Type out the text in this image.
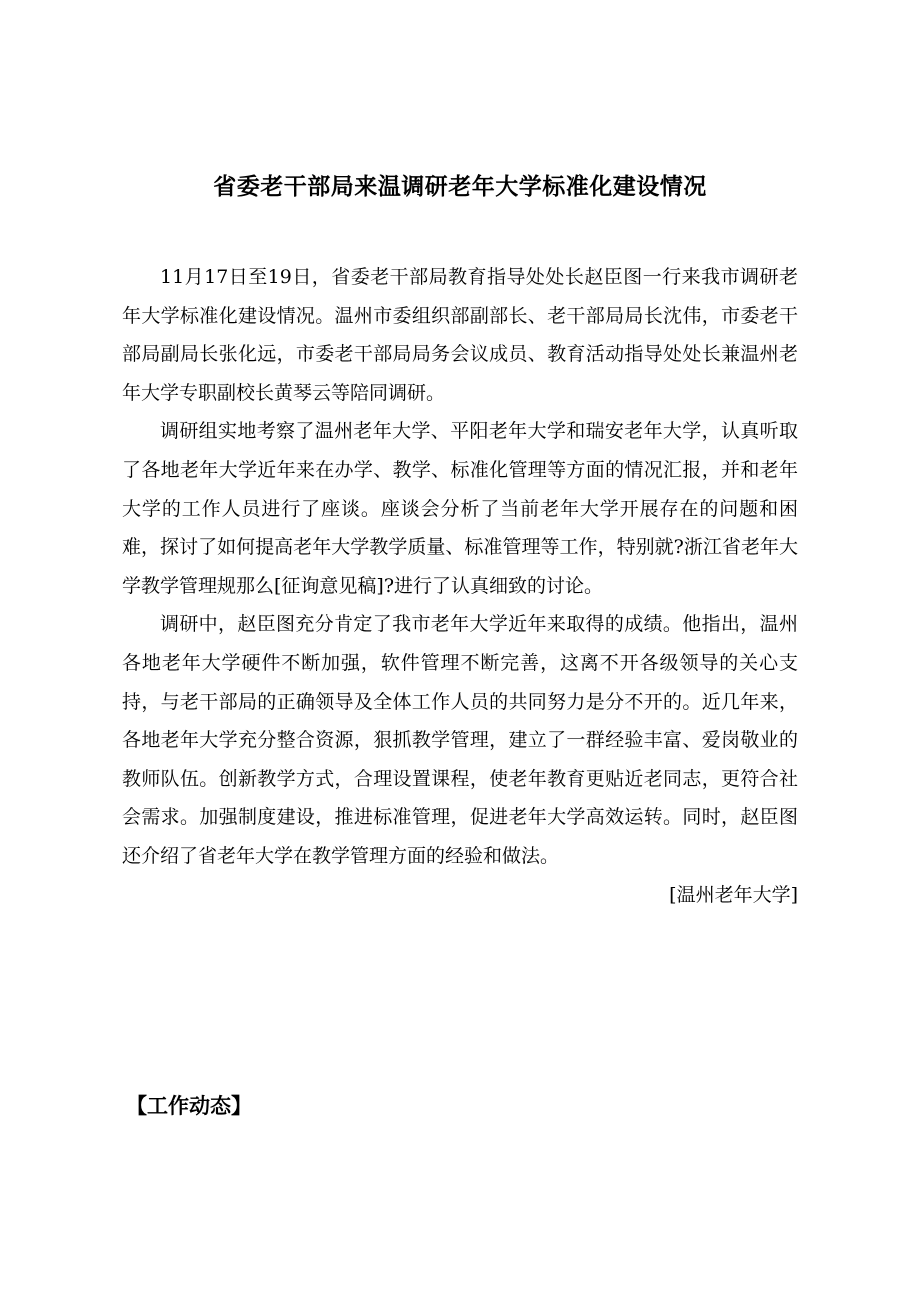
省委老干部局来温调研老年大学标准化建设情况

11月17日至19日，省委老干部局教育指导处处长赵臣图一行来我市调研老年大学标准化建设情况。温州市委组织部副部长、老干部局局长沈伟，市委老干部局副局长张化远，市委老干部局局务会议成员、教育活动指导处处长兼温州老年大学专职副校长黄琴云等陪同调研。

调研组实地考察了温州老年大学、平阳老年大学和瑞安老年大学，认真听取了各地老年大学近年来在办学、教学、标准化管理等方面的情况汇报，并和老年大学的工作人员进行了座谈。座谈会分析了当前老年大学开展存在的问题和困难，探讨了如何提高老年大学教学质量、标准管理等工作，特别就?浙江省老年大学教学管理规那么[征询意见稿]?进行了认真细致的讨论。

调研中，赵臣图充分肯定了我市老年大学近年来取得的成绩。他指出，温州各地老年大学硬件不断加强，软件管理不断完善，这离不开各级领导的关心支持，与老干部局的正确领导及全体工作人员的共同努力是分不开的。近几年来，各地老年大学充分整合资源，狠抓教学管理，建立了一群经验丰富、爱岗敬业的教师队伍。创新教学方式，合理设置课程，使老年教育更贴近老同志，更符合社会需求。加强制度建设，推进标准管理，促进老年大学高效运转。同时，赵臣图还介绍了省老年大学在教学管理方面的经验和做法。

[温州老年大学]

【工作动态】
